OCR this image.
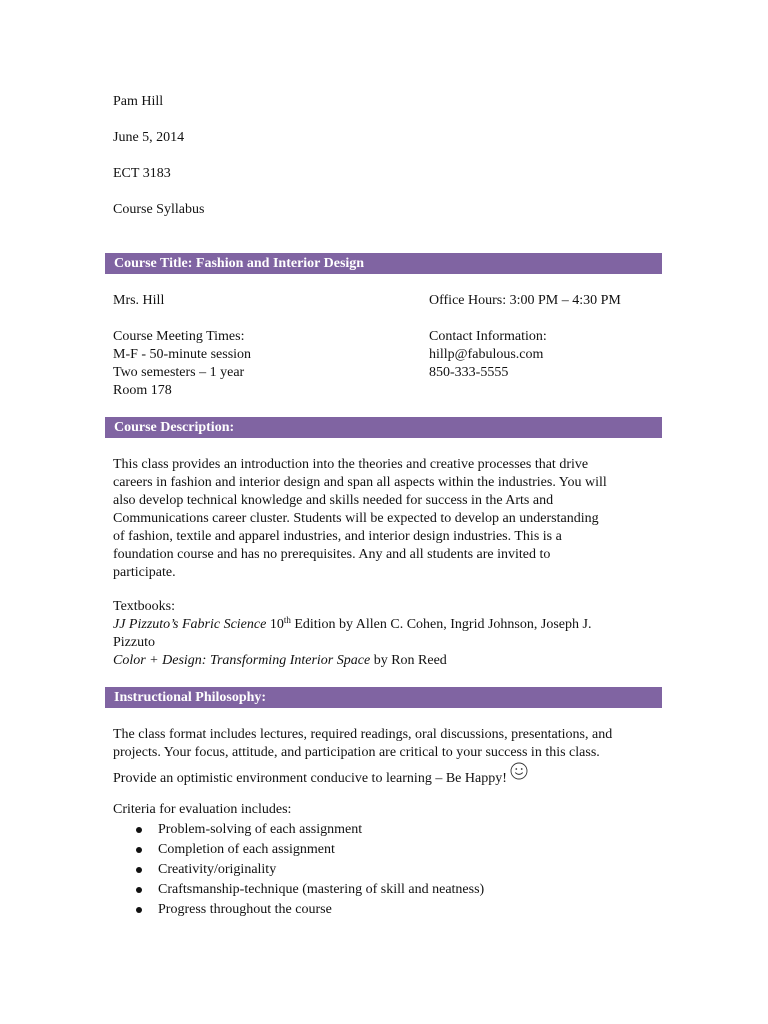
Pam Hill
June 5, 2014
ECT 3183
Course Syllabus
Course Title: Fashion and Interior Design
Mrs. Hill	Office Hours: 3:00 PM – 4:30 PM
Course Meeting Times:
M-F - 50-minute session
Two semesters – 1 year
Room 178
Contact Information:
hillp@fabulous.com
850-333-5555
Course Description:
This class provides an introduction into the theories and creative processes that drive
careers in fashion and interior design and span all aspects within the industries. You will
also develop technical knowledge and skills needed for success in the Arts and
Communications career cluster. Students will be expected to develop an understanding
of fashion, textile and apparel industries, and interior design industries. This is a
foundation course and has no prerequisites. Any and all students are invited to
participate.
Textbooks:
JJ Pizzuto’s Fabric Science 10th Edition by Allen C. Cohen, Ingrid Johnson, Joseph J.
Pizzuto
Color + Design: Transforming Interior Space by Ron Reed
Instructional Philosophy:
The class format includes lectures, required readings, oral discussions, presentations, and
projects. Your focus, attitude, and participation are critical to your success in this class.
Provide an optimistic environment conducive to learning – Be Happy!
Criteria for evaluation includes:
Problem-solving of each assignment
Completion of each assignment
Creativity/originality
Craftsmanship-technique (mastering of skill and neatness)
Progress throughout the course
